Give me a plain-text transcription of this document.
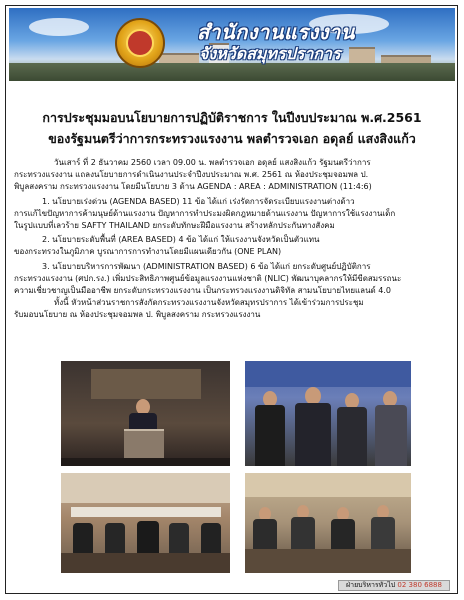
สำนักงานแรงงาน
จังหวัดสมุทรปราการ
การประชุมมอบนโยบายการปฏิบัติราชการ ในปีงบประมาณ พ.ศ.2561
ของรัฐมนตรีว่าการกระทรวงแรงงาน พลตำรวจเอก อดุลย์ แสงสิงแก้ว

วันเสาร์ ที่ 2 ธันวาคม 2560 เวลา 09.00 น. พลตำรวจเอก อดุลย์ แสงสิงแก้ว รัฐมนตรีว่าการ

กระทรวงแรงงาน แถลงนโยบายการดำเนินงานประจำปีงบประมาณ พ.ศ. 2561 ณ ห้องประชุมจอมพล ป.

พิบูลสงคราม กระทรวงแรงงาน โดยมีนโยบาย 3 ด้าน AGENDA : AREA : ADMINISTRATION (11:4:6)

1. นโยบายเร่งด่วน (AGENDA BASED) 11 ข้อ ได้แก่ เร่งรัดการจัดระเบียบแรงงานต่างด้าว

การแก้ไขปัญหาการค้ามนุษย์ด้านแรงงาน ปัญหาการทำประมงผิดกฎหมายด้านแรงงาน ปัญหาการใช้แรงงานเด็ก

ในรูปแบบที่เลวร้าย SAFTY THAILAND ยกระดับทักษะฝีมือแรงงาน สร้างหลักประกันทางสังคม

2. นโยบายระดับพื้นที่ (AREA BASED) 4 ข้อ ได้แก่ ให้แรงงานจังหวัดเป็นตัวแทน

ของกระทรวงในภูมิภาค บูรณาการการทำงานโดยมีแผนเดียวกัน (ONE PLAN)

3. นโยบายบริหารการพัฒนา (ADMINISTRATION BASED) 6 ข้อ ได้แก่ ยกระดับศูนย์ปฏิบัติการ

กระทรวงแรงงาน (ศปก.รง.) เพิ่มประสิทธิภาพศูนย์ข้อมูลแรงงานแห่งชาติ (NLIC) พัฒนาบุคลากรให้มีขีดสมรรถนะ

ความเชี่ยวชาญเป็นมืออาชีพ ยกระดับกระทรวงแรงงาน เป็นกระทรวงแรงงานดิจิทัล สามนโยบายไทยแลนด์ 4.0

ทั้งนี้ หัวหน้าส่วนราชการสังกัดกระทรวงแรงงานจังหวัดสมุทรปราการ ได้เข้าร่วมการประชุม

รับมอบนโยบาย ณ ห้องประชุมจอมพล ป. พิบูลสงคราม กระทรวงแรงงาน

ฝ่ายบริหารทั่วไป 02 380 6888
